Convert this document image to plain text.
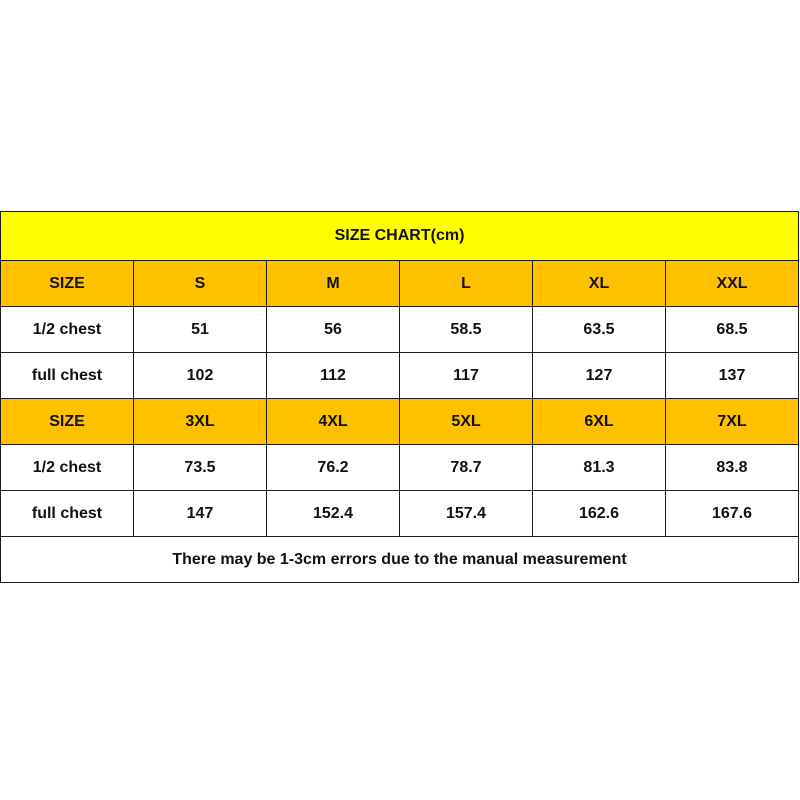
SIZE CHART(cm)					
SIZE	S	M	L	XL	XXL
1/2 chest	51	56	58.5	63.5	68.5
full chest	102	112	117	127	137
SIZE	3XL	4XL	5XL	6XL	7XL
1/2 chest	73.5	76.2	78.7	81.3	83.8
full chest	147	152.4	157.4	162.6	167.6
There may be 1-3cm errors due to the manual measurement					
